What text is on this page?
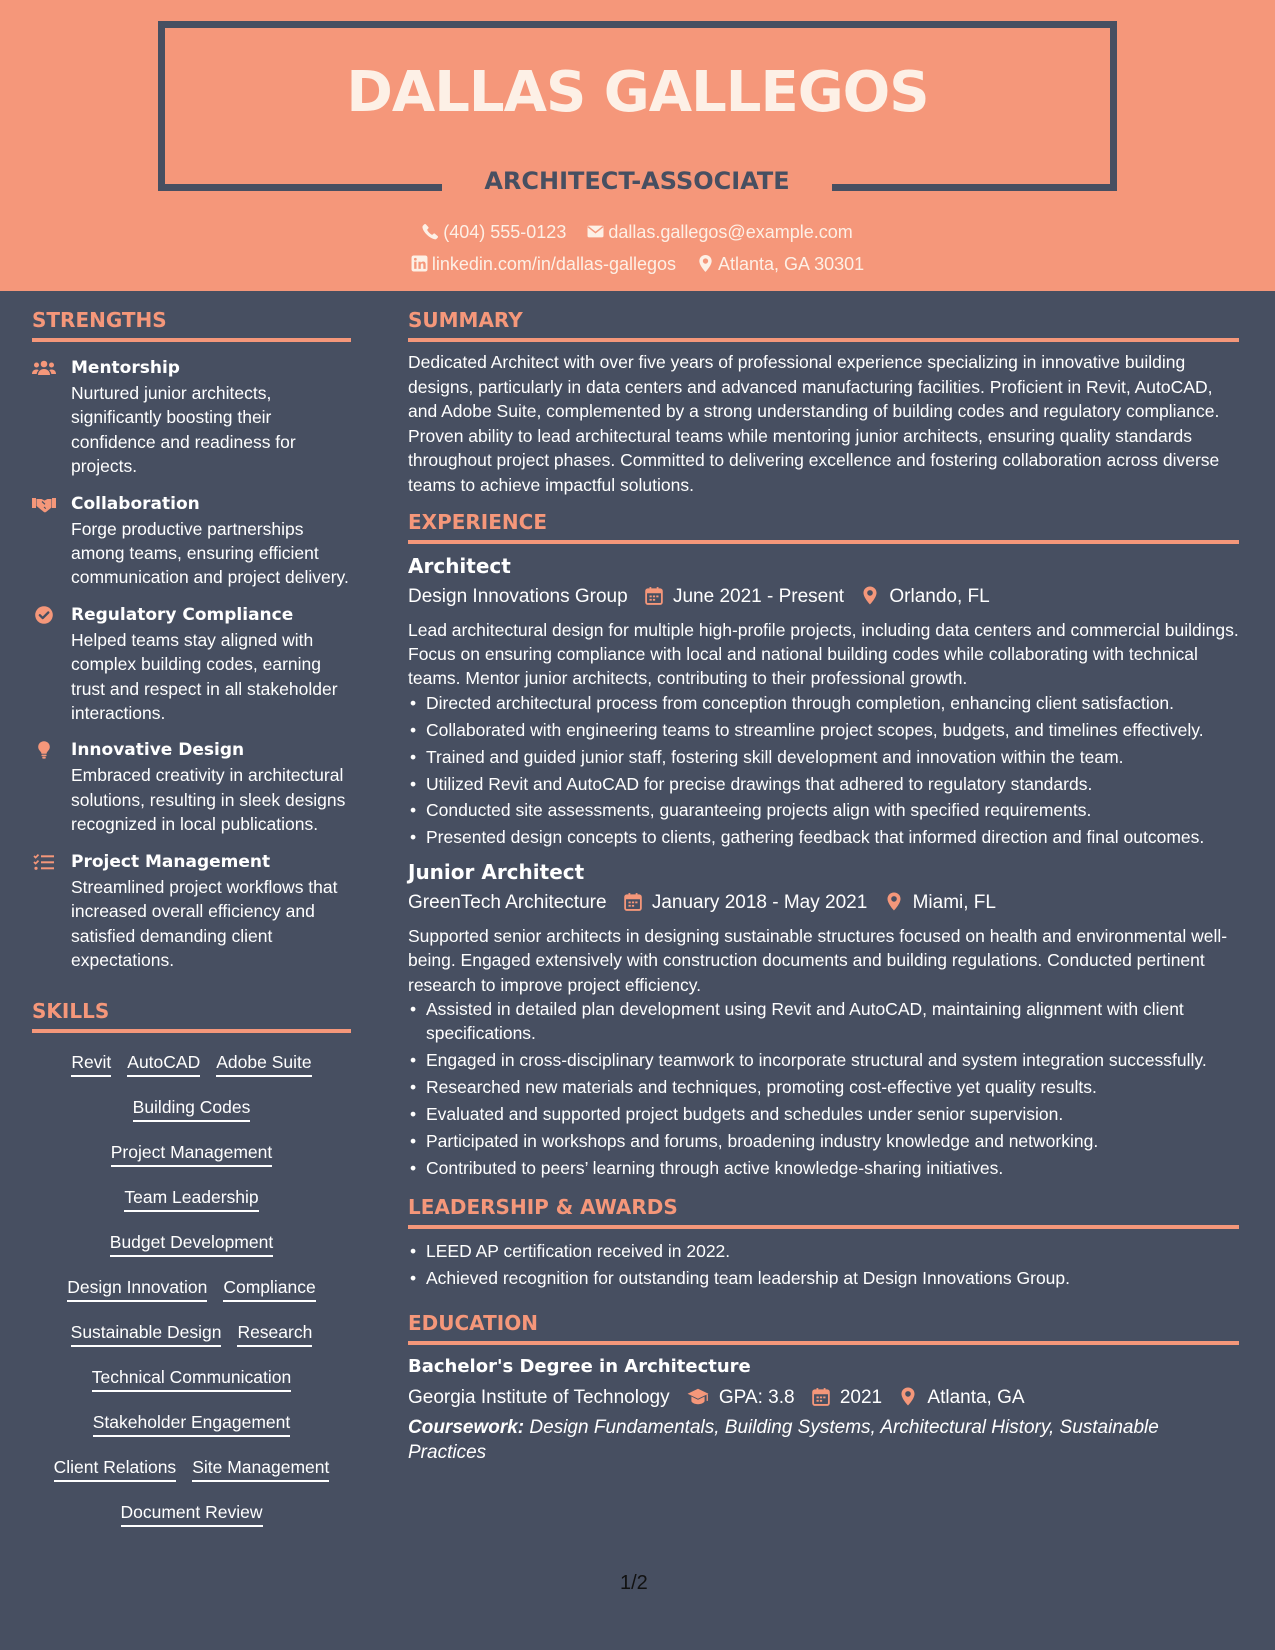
DALLAS GALLEGOS
ARCHITECT-ASSOCIATE
(404) 555-0123 dallas.gallegos@example.com
linkedin.com/in/dallas-gallegos Atlanta, GA 30301
STRENGTHS
Mentorship
Nurtured junior architects, significantly boosting their confidence and readiness for projects.
Collaboration
Forge productive partnerships among teams, ensuring efficient communication and project delivery.
Regulatory Compliance
Helped teams stay aligned with complex building codes, earning trust and respect in all stakeholder interactions.
Innovative Design
Embraced creativity in architectural solutions, resulting in sleek designs recognized in local publications.
Project Management
Streamlined project workflows that increased overall efficiency and satisfied demanding client expectations.
SKILLS
Revit AutoCAD Adobe Suite
Building Codes
Project Management
Team Leadership
Budget Development
Design Innovation Compliance
Sustainable Design Research
Technical Communication
Stakeholder Engagement
Client Relations Site Management
Document Review
SUMMARY
Dedicated Architect with over five years of professional experience specializing in innovative building designs, particularly in data centers and advanced manufacturing facilities. Proficient in Revit, AutoCAD, and Adobe Suite, complemented by a strong understanding of building codes and regulatory compliance. Proven ability to lead architectural teams while mentoring junior architects, ensuring quality standards throughout project phases. Committed to delivering excellence and fostering collaboration across diverse teams to achieve impactful solutions.
EXPERIENCE
Architect
Design Innovations Group June 2021 - Present Orlando, FL
Lead architectural design for multiple high-profile projects, including data centers and commercial buildings. Focus on ensuring compliance with local and national building codes while collaborating with technical teams. Mentor junior architects, contributing to their professional growth.
• Directed architectural process from conception through completion, enhancing client satisfaction.
• Collaborated with engineering teams to streamline project scopes, budgets, and timelines effectively.
• Trained and guided junior staff, fostering skill development and innovation within the team.
• Utilized Revit and AutoCAD for precise drawings that adhered to regulatory standards.
• Conducted site assessments, guaranteeing projects align with specified requirements.
• Presented design concepts to clients, gathering feedback that informed direction and final outcomes.
Junior Architect
GreenTech Architecture January 2018 - May 2021 Miami, FL
Supported senior architects in designing sustainable structures focused on health and environmental well-being. Engaged extensively with construction documents and building regulations. Conducted pertinent research to improve project efficiency.
• Assisted in detailed plan development using Revit and AutoCAD, maintaining alignment with client specifications.
• Engaged in cross-disciplinary teamwork to incorporate structural and system integration successfully.
• Researched new materials and techniques, promoting cost-effective yet quality results.
• Evaluated and supported project budgets and schedules under senior supervision.
• Participated in workshops and forums, broadening industry knowledge and networking.
• Contributed to peers’ learning through active knowledge-sharing initiatives.
LEADERSHIP & AWARDS
• LEED AP certification received in 2022.
• Achieved recognition for outstanding team leadership at Design Innovations Group.
EDUCATION
Bachelor's Degree in Architecture
Georgia Institute of Technology	GPA: 3.8 2021 Atlanta, GA
Coursework: Design Fundamentals, Building Systems, Architectural History, Sustainable Practices
1/2
